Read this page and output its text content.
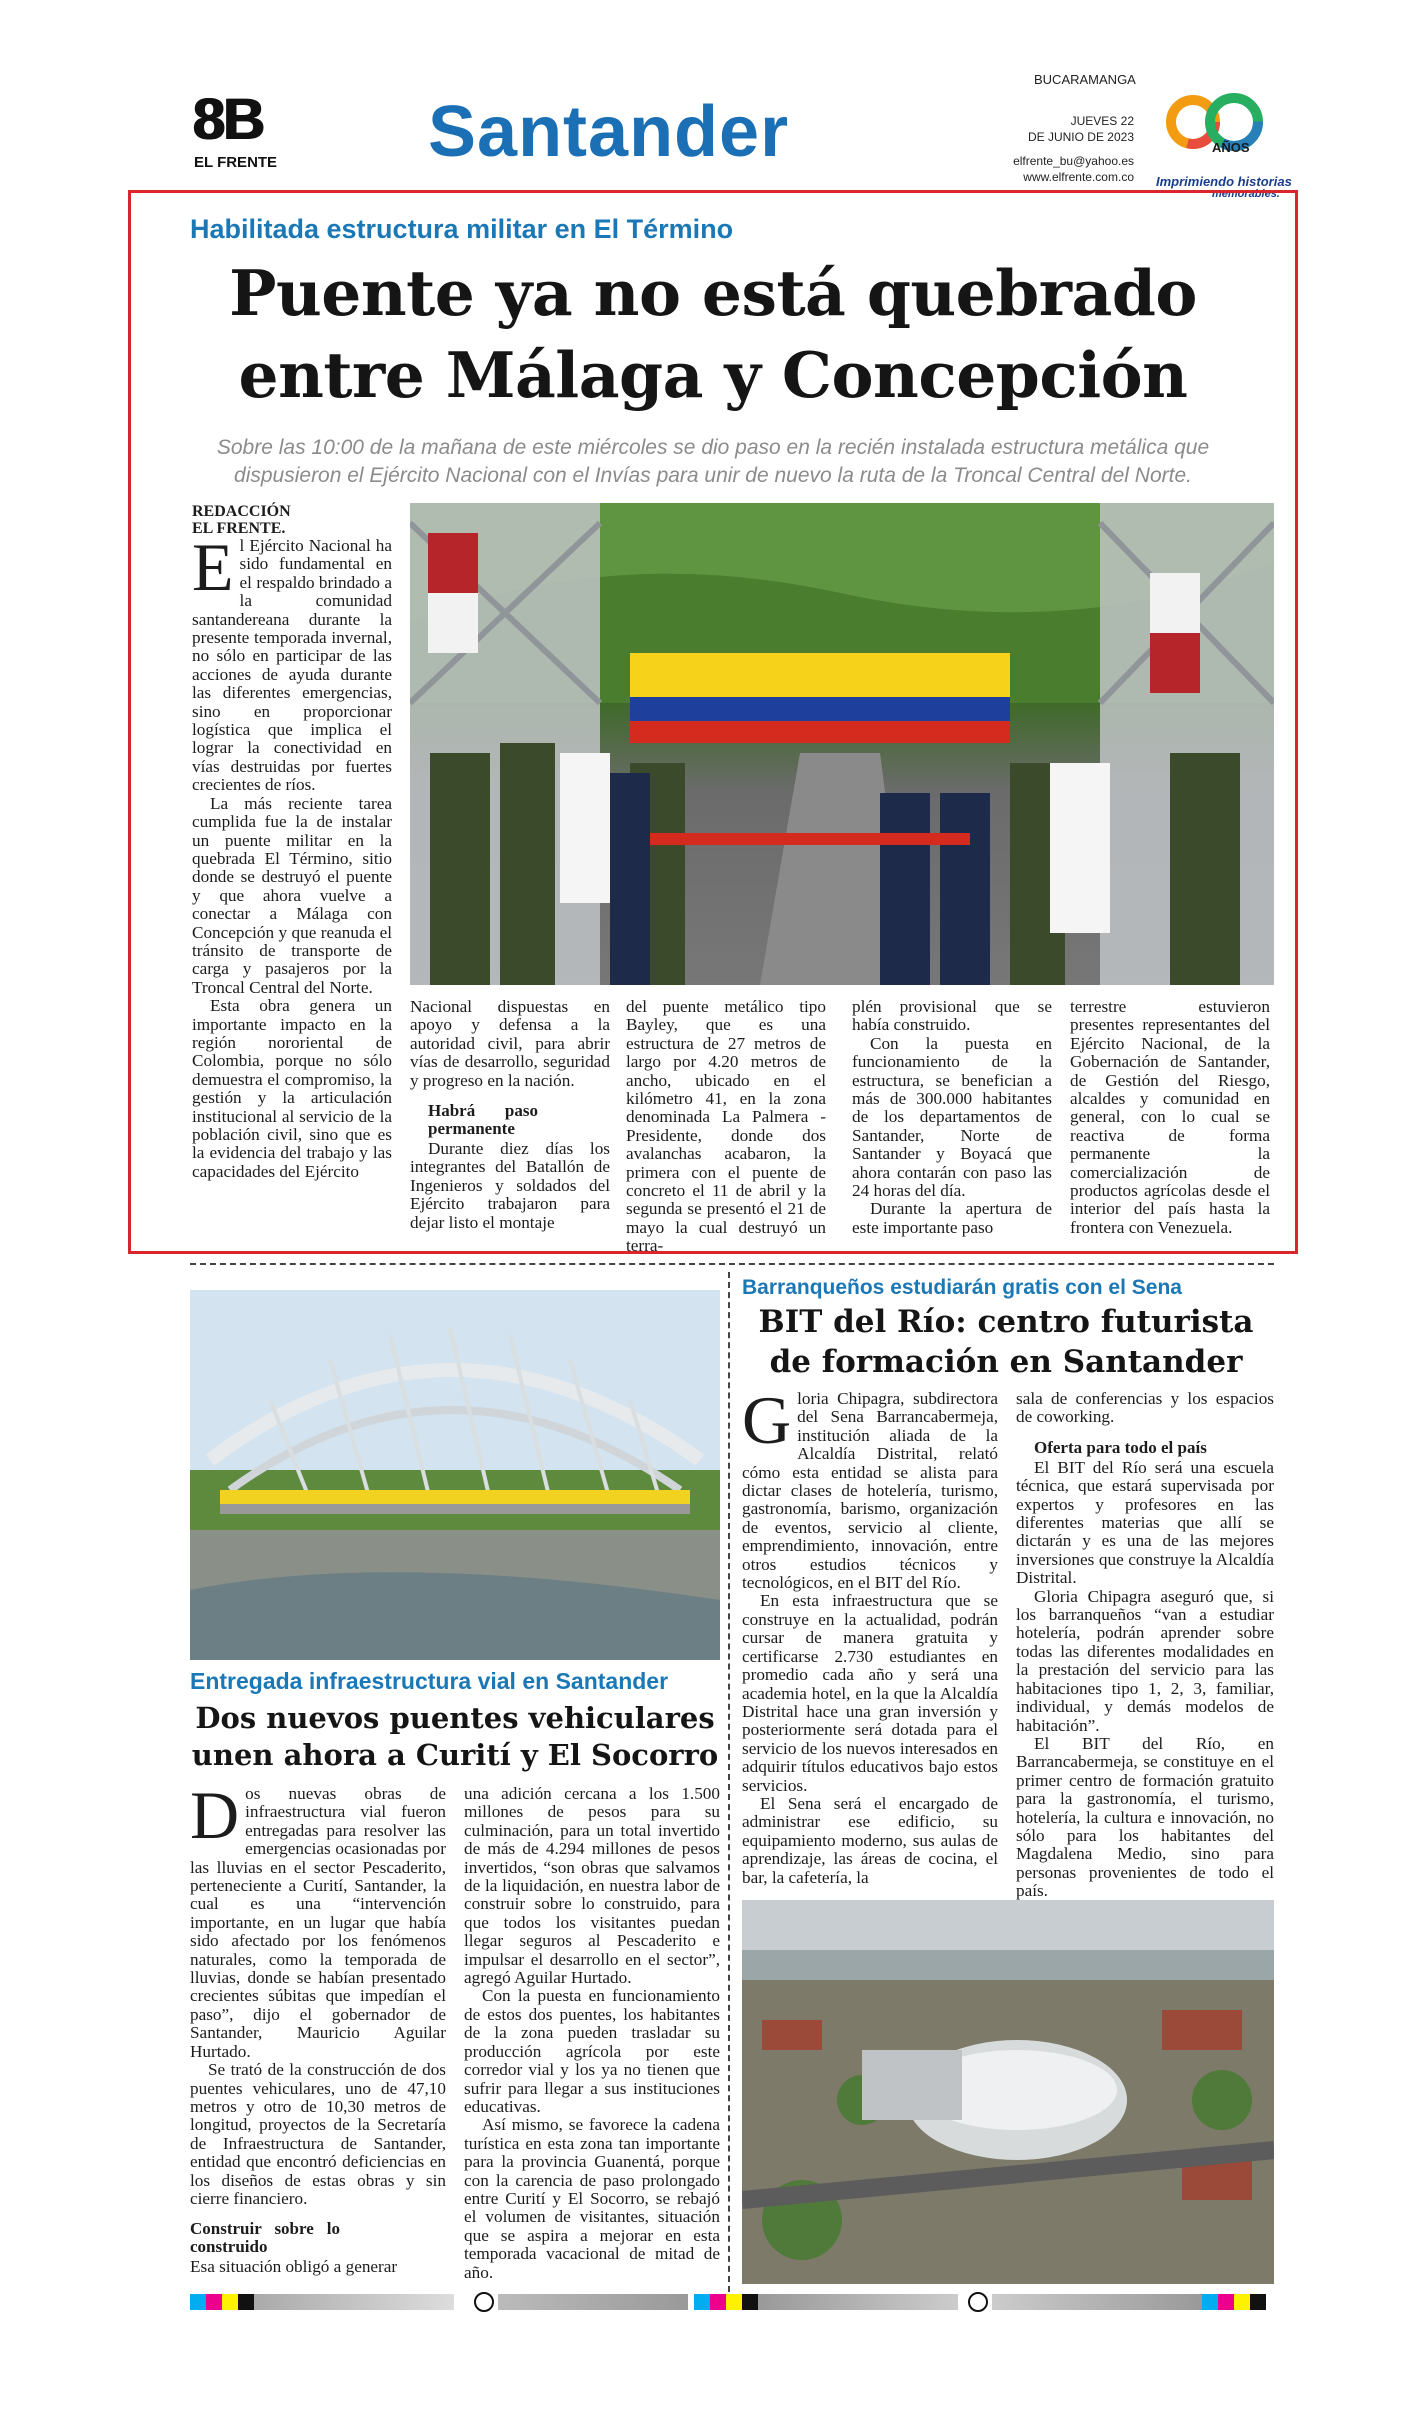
8B
EL FRENTE Santander
BUCARAMANGA
JUEVES 22
DE JUNIO DE 2023
elfrente_bu@yahoo.es
www.elfrente.com.co
AÑOS
Imprimiendo historias
memorables.
Habilitada estructura militar en El Término
Puente ya no está quebrado
entre Málaga y Concepción
Sobre las 10:00 de la mañana de este miércoles se dio paso en la recién instalada estructura metálica que
dispusieron el Ejército Nacional con el Invías para unir de nuevo la ruta de la Troncal Central del Norte.
REDACCIÓN
EL FRENTE.

El Ejército Nacional ha sido fundamental en el respaldo brindado a la comunidad santandereana durante la presente temporada invernal, no sólo en participar de las acciones de ayuda durante las diferentes emergencias, sino en proporcionar logística que implica el lograr la conectividad en vías destruidas por fuertes crecientes de ríos.

La más reciente tarea cumplida fue la de instalar un puente militar en la quebrada El Término, sitio donde se destruyó el puente y que ahora vuelve a conectar a Málaga con Concepción y que reanuda el tránsito de transporte de carga y pasajeros por la Troncal Central del Norte.

Esta obra genera un importante impacto en la región nororiental de Colombia, porque no sólo demuestra el compromiso, la gestión y la articulación institucional al servicio de la población civil, sino que es la evidencia del trabajo y las capacidades del Ejército

Nacional dispuestas en apoyo y defensa a la autoridad civil, para abrir vías de desarrollo, seguridad y progreso en la nación.

Habrá paso permanente

Durante diez días los integrantes del Batallón de Ingenieros y soldados del Ejército trabajaron para dejar listo el montaje

del puente metálico tipo Bayley, que es una estructura de 27 metros de largo por 4.20 metros de ancho, ubicado en el kilómetro 41, en la zona denominada La Palmera - Presidente, donde dos avalanchas acabaron, la primera con el puente de concreto el 11 de abril y la segunda se presentó el 21 de mayo la cual destruyó un terra-

plén provisional que se había construido.

Con la puesta en funcionamiento de la estructura, se benefician a más de 300.000 habitantes de los departamentos de Santander, Norte de Santander y Boyacá que ahora contarán con paso las 24 horas del día.

Durante la apertura de este importante paso

terrestre estuvieron presentes representantes del Ejército Nacional, de la Gobernación de Santander, de Gestión del Riesgo, alcaldes y comunidad en general, con lo cual se reactiva de forma permanente la comercialización de productos agrícolas desde el interior del país hasta la frontera con Venezuela.

Entregada infraestructura vial en Santander
Dos nuevos puentes vehiculares
unen ahora a Curití y El Socorro

Dos nuevas obras de infraestructura vial fueron entregadas para resolver las emergencias ocasionadas por las lluvias en el sector Pescaderito, perteneciente a Curití, Santander, la cual es una “intervención importante, en un lugar que había sido afectado por los fenómenos naturales, como la temporada de lluvias, donde se habían presentado crecientes súbitas que impedían el paso”, dijo el gobernador de Santander, Mauricio Aguilar Hurtado.

Se trató de la construcción de dos puentes vehiculares, uno de 47,10 metros y otro de 10,30 metros de longitud, proyectos de la Secretaría de Infraestructura de Santander, entidad que encontró deficiencias en los diseños de estas obras y sin cierre financiero.

Construir sobre lo construido

Esa situación obligó a generar

una adición cercana a los 1.500 millones de pesos para su culminación, para un total invertido de más de 4.294 millones de pesos invertidos, “son obras que salvamos de la liquidación, en nuestra labor de construir sobre lo construido, para que todos los visitantes puedan llegar seguros al Pescaderito e impulsar el desarrollo en el sector”, agregó Aguilar Hurtado.

Con la puesta en funcionamiento de estos dos puentes, los habitantes de la zona pueden trasladar su producción agrícola por este corredor vial y los ya no tienen que sufrir para llegar a sus instituciones educativas.

Así mismo, se favorece la cadena turística en esta zona tan importante para la provincia Guanentá, porque con la carencia de paso prolongado entre Curití y El Socorro, se rebajó el volumen de visitantes, situación que se aspira a mejorar en esta temporada vacacional de mitad de año.

Barranqueños estudiarán gratis con el Sena
BIT del Río: centro futurista
de formación en Santander

Gloria Chipagra, subdirectora del Sena Barrancabermeja, institución aliada de la Alcaldía Distrital, relató cómo esta entidad se alista para dictar clases de hotelería, turismo, gastronomía, barismo, organización de eventos, servicio al cliente, emprendimiento, innovación, entre otros estudios técnicos y tecnológicos, en el BIT del Río.

En esta infraestructura que se construye en la actualidad, podrán cursar de manera gratuita y certificarse 2.730 estudiantes en promedio cada año y será una academia hotel, en la que la Alcaldía Distrital hace una gran inversión y posteriormente será dotada para el servicio de los nuevos interesados en adquirir títulos educativos bajo estos servicios.

El Sena será el encargado de administrar ese edificio, su equipamiento moderno, sus aulas de aprendizaje, las áreas de cocina, el bar, la cafetería, la

sala de conferencias y los espacios de coworking.

Oferta para todo el país

El BIT del Río será una escuela técnica, que estará supervisada por expertos y profesores en las diferentes materias que allí se dictarán y es una de las mejores inversiones que construye la Alcaldía Distrital.

Gloria Chipagra aseguró que, si los barranqueños “van a estudiar hotelería, podrán aprender sobre todas las diferentes modalidades en la prestación del servicio para las habitaciones tipo 1, 2, 3, familiar, individual, y demás modelos de habitación”.

El BIT del Río, en Barrancabermeja, se constituye en el primer centro de formación gratuito para la gastronomía, el turismo, hotelería, la cultura e innovación, no sólo para los habitantes del Magdalena Medio, sino para personas provenientes de todo el país.
